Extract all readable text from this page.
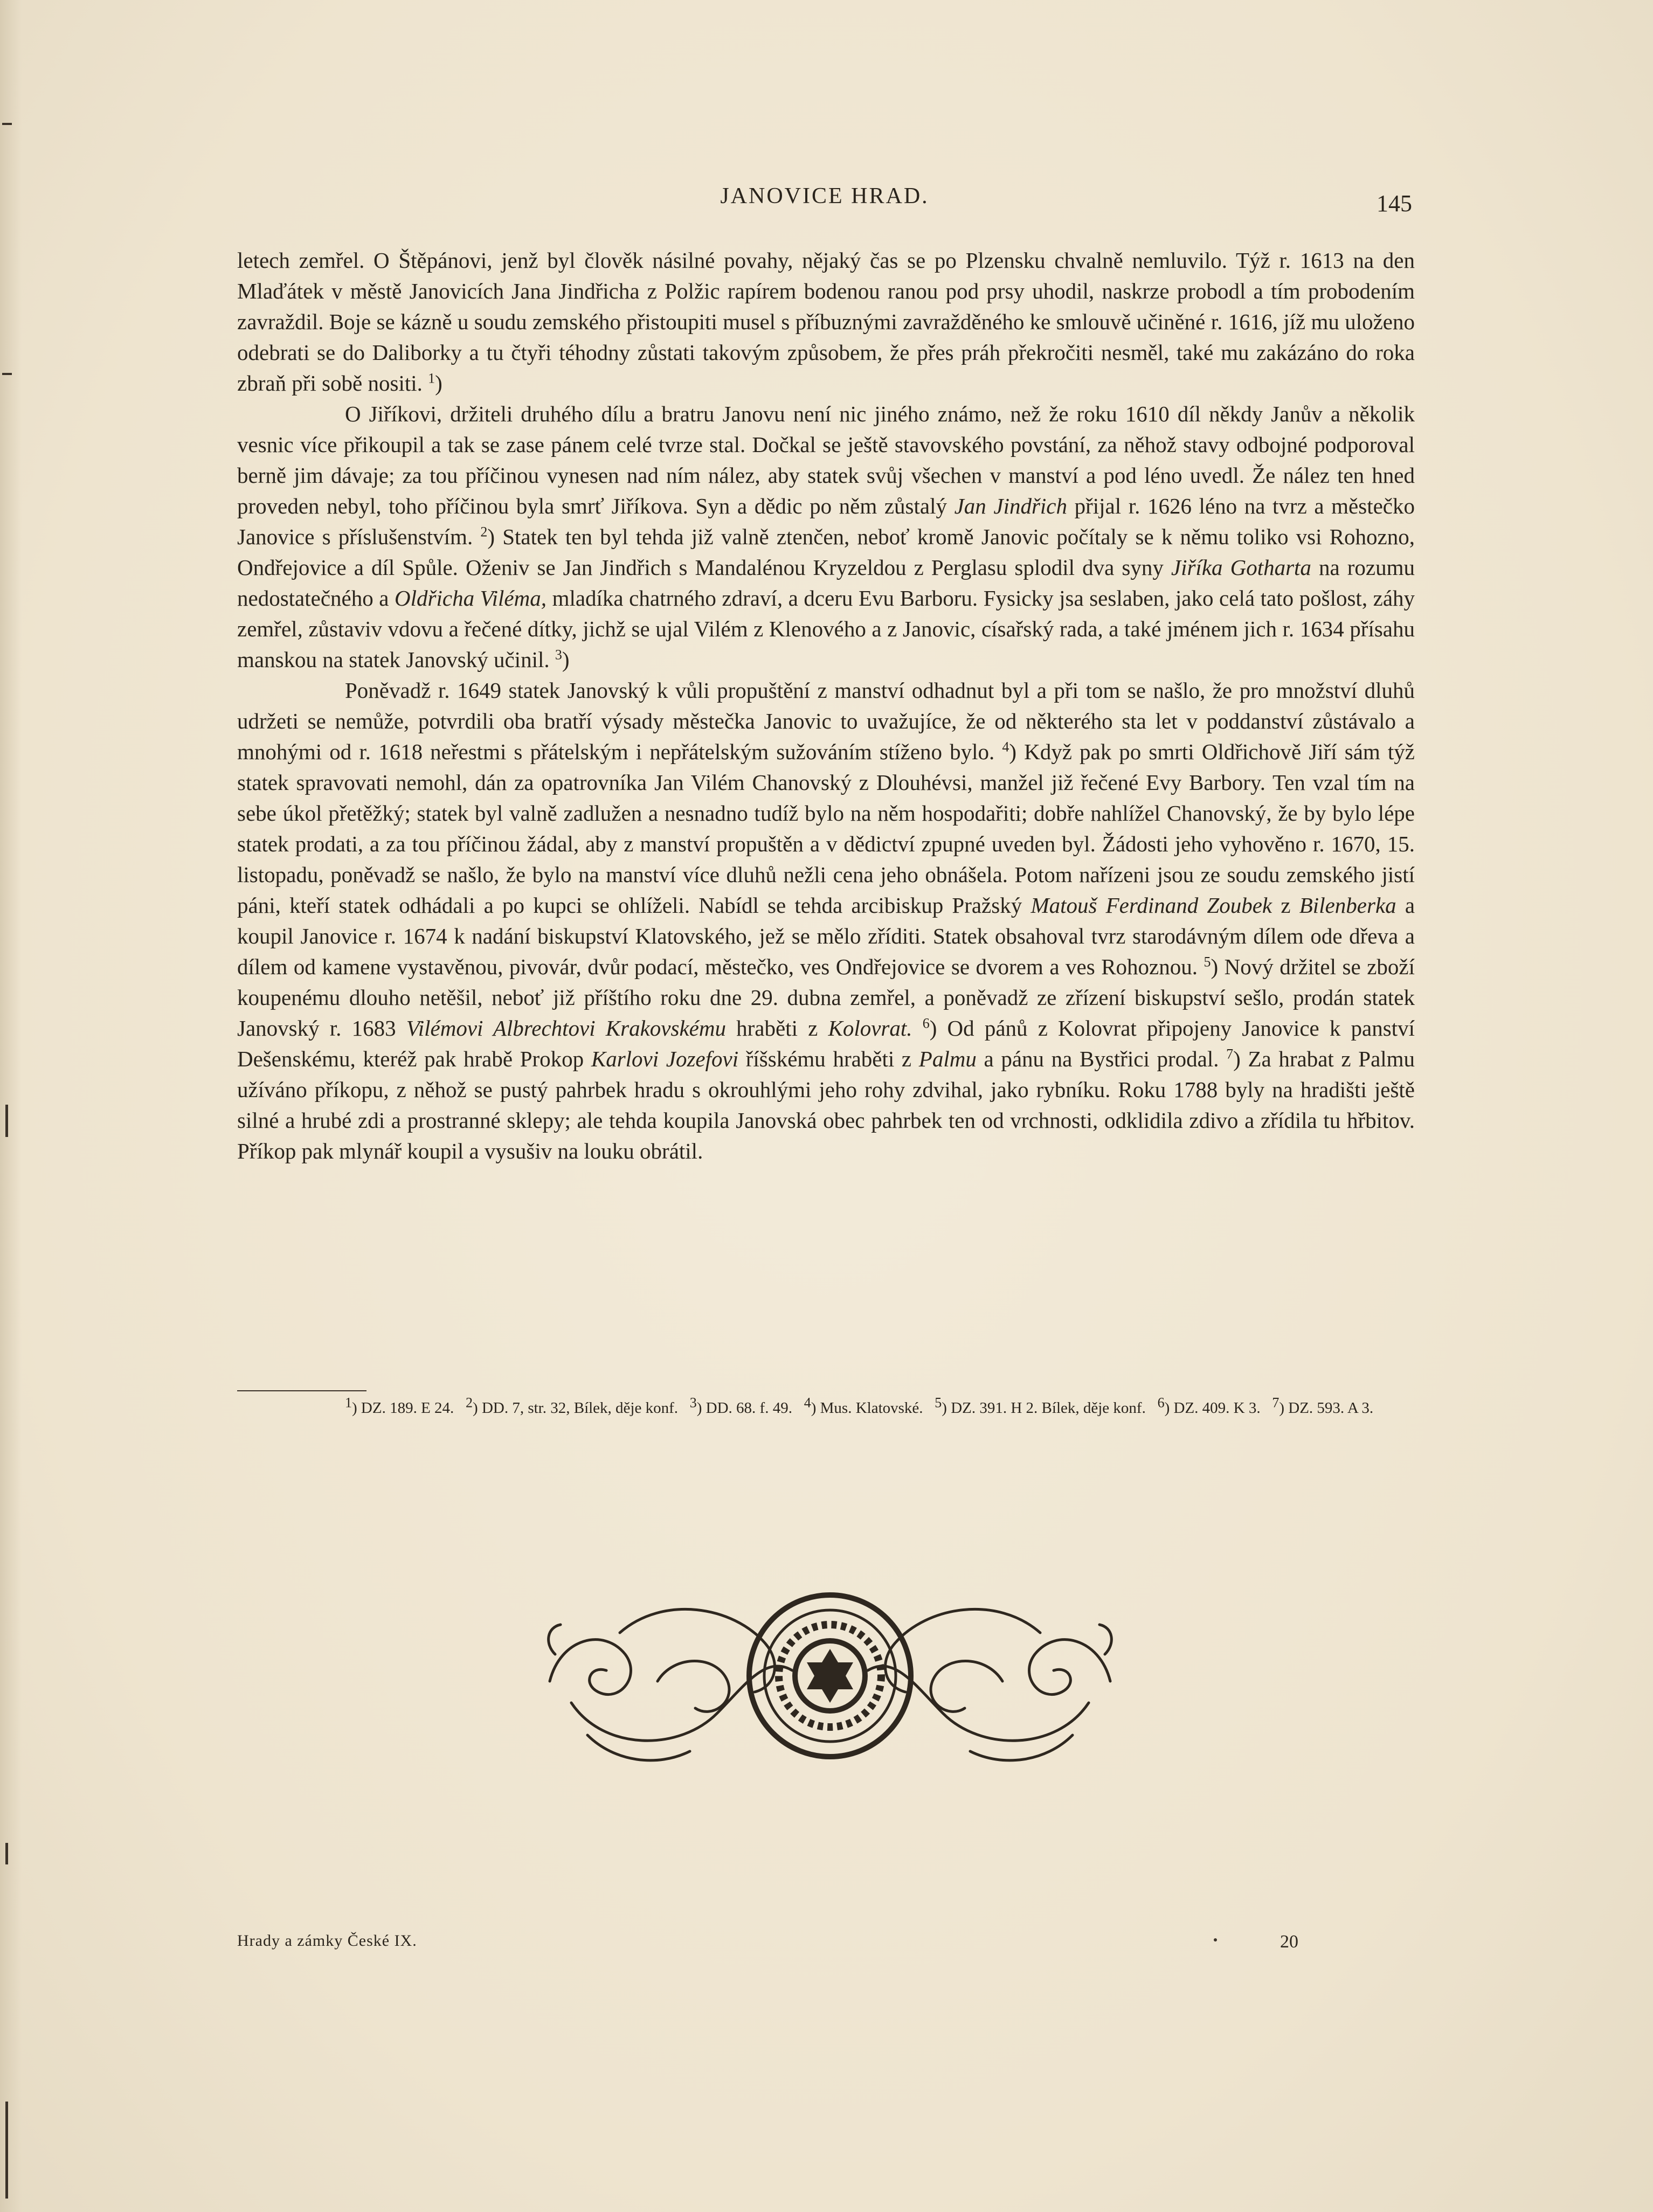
JANOVICE HRAD.	145

letech zemřel. O Štěpánovi, jenž byl člověk násilné povahy, nějaký čas se po Plzensku chvalně nemluvilo. Týž r. 1613 na den Mlaďátek v městě Janovicích Jana Jindřicha z Polžic rapírem bodenou ranou pod prsy uhodil, naskrze probodl a tím probodením zavraždil. Boje se kázně u soudu zemského přistoupiti musel s příbuznými zavražděného ke smlouvě učiněné r. 1616, jíž mu uloženo odebrati se do Daliborky a tu čtyři téhodny zůstati takovým způsobem, že přes práh překročiti nesměl, také mu zakázáno do roka zbraň při sobě nositi. $^1$)

O Jiříkovi, držiteli druhého dílu a bratru Janovu není nic jiného známo, než že roku 1610 díl někdy Janův a několik vesnic více přikoupil a tak se zase pánem celé tvrze stal. Dočkal se ještě stavovského povstání, za něhož stavy odbojné podporoval berně jim dávaje; za tou příčinou vynesen nad ním nález, aby statek svůj všechen v manství a pod léno uvedl. Že nález ten hned proveden nebyl, toho příčinou byla smrť Jiříkova. Syn a dědic po něm zůstalý Jan Jindřich přijal r. 1626 léno na tvrz a městečko Janovice s příslušenstvím. $^2$) Statek ten byl tehda již valně ztenčen, neboť kromě Janovic počítaly se k němu toliko vsi Rohozno, Ondřejovice a díl Spůle. Oženiv se Jan Jindřich s Mandalénou Kryzeldou z Perglasu splodil dva syny Jiříka Gotharta na rozumu nedostatečného a Oldřicha Viléma, mladíka chatrného zdraví, a dceru Evu Barboru. Fysicky jsa seslaben, jako celá tato pošlost, záhy zemřel, zůstaviv vdovu a řečené dítky, jichž se ujal Vilém z Klenového a z Janovic, císařský rada, a také jménem jich r. 1634 přísahu manskou na statek Janovský učinil. $^3$)

Poněvadž r. 1649 statek Janovský k vůli propuštění z manství odhadnut byl a při tom se našlo, že pro množství dluhů udržeti se nemůže, potvrdili oba bratří výsady městečka Janovic to uvažujíce, že od některého sta let v poddanství zůstávalo a mnohými od r. 1618 neřestmi s přátelským i nepřátelským sužováním stíženo bylo. $^4$) Když pak po smrti Oldřichově Jiří sám týž statek spravovati nemohl, dán za opatrovníka Jan Vilém Chanovský z Dlouhévsi, manžel již řečené Evy Barbory. Ten vzal tím na sebe úkol přetěžký; statek byl valně zadlužen a nesnadno tudíž bylo na něm hospodařiti; dobře nahlížel Chanovský, že by bylo lépe statek prodati, a za tou příčinou žádal, aby z manství propuštěn a v dědictví zpupné uveden byl. Žádosti jeho vyhověno r. 1670, 15. listopadu, poněvadž se našlo, že bylo na manství více dluhů nežli cena jeho obnášela. Potom nařízeni jsou ze soudu zemského jistí páni, kteří statek odhádali a po kupci se ohlíželi. Nabídl se tehda arcibiskup Pražský Matouš Ferdinand Zoubek z Bilenberka a koupil Janovice r. 1674 k nadání biskupství Klatovského, jež se mělo zříditi. Statek obsahoval tvrz starodávným dílem ode dřeva a dílem od kamene vystavěnou, pivovár, dvůr podací, městečko, ves Ondřejovice se dvorem a ves Rohoznou. $^5$) Nový držitel se zboží koupenému dlouho netěšil, neboť již příštího roku dne 29. dubna zemřel, a poněvadž ze zřízení biskupství sešlo, prodán statek Janovský r. 1683 Vilémovi Albrechtovi Krakovskému hraběti z Kolovrat. $^6$) Od pánů z Kolovrat připojeny Janovice k panství Dešenskému, kteréž pak hrabě Prokop Karlovi Jozefovi říšskému hraběti z Palmu a pánu na Bystřici prodal. $^7$) Za hrabat z Palmu užíváno příkopu, z něhož se pustý pahrbek hradu s okrouhlými jeho rohy zdvihal, jako rybníku. Roku 1788 byly na hradišti ještě silné a hrubé zdi a prostranné sklepy; ale tehda koupila Janovská obec pahrbek ten od vrchnosti, odklidila zdivo a zřídila tu hřbitov. Příkop pak mlynář koupil a vysušiv na louku obrátil.

$^1$) DZ. 189. E 24. $^2$) DD. 7, str. 32, Bílek, děje konf. $^3$) DD. 68. f. 49. $^4$) Mus. Klatovské. $^5$) DZ. 391. H 2. Bílek, děje konf. $^6$) DZ. 409. K 3. $^7$) DZ. 593. A 3.
Hrady a zámky České IX.	20
